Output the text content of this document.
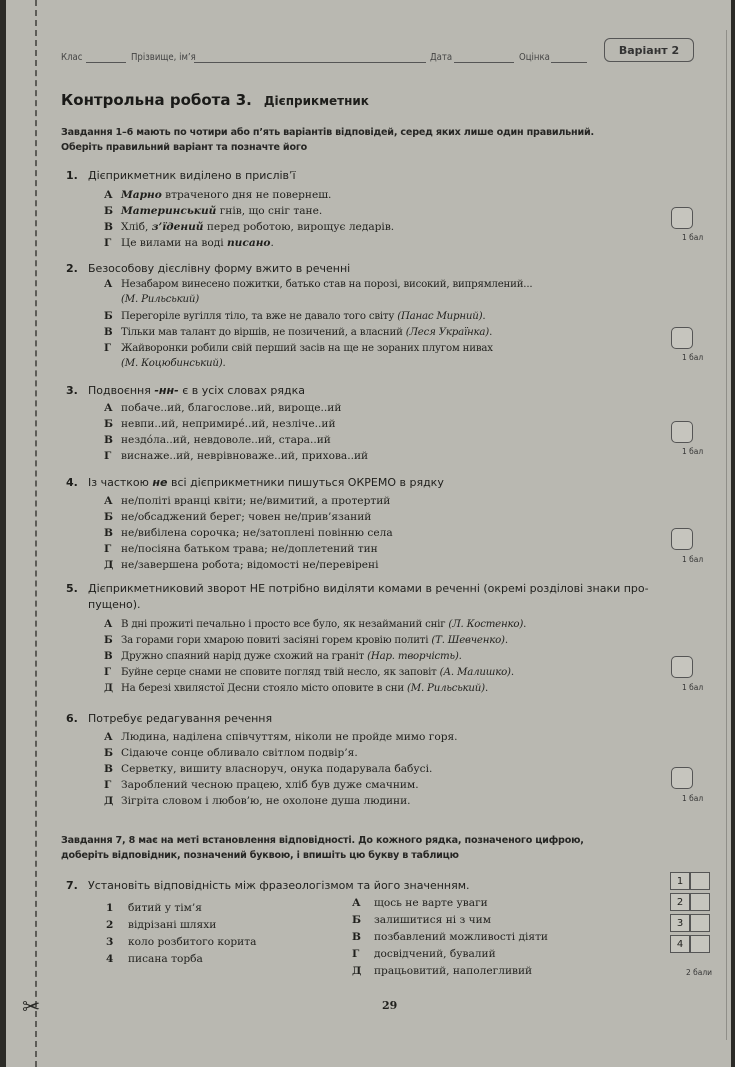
✂
Клас	Прізвище, ім’я	Дата	Оцінка
Варіант 2
Контрольна робота 3. Дієприкметник
Завдання 1–6 мають по чотири або п’ять варіантів відповідей, серед яких лише один правильний.
Оберіть правильний варіант та позначте його
1. Дієприкметник виділено в прислів’ї
А Марно втраченого дня не повернеш.
Б Материнський гнів, що сніг тане.
В Хліб, з’їдений перед роботою, вирощує ледарів.
Г Це вилами на воді писано.	1 бал
2. Безособову дієслівну форму вжито в реченні
А Незабаром винесено пожитки, батько став на порозі, високий, випрямлений...
(М. Рильський)
Б Перегоріле вугілля тіло, та вже не давало того світу (Панас Мирний).
В Тільки мав талант до віршів, не позичений, а власний (Леся Українка).
Г Жайворонки робили свій перший засів на ще не зораних плугом нивах
(М. Коцюбинський).
1 бал
3. Подвоєння -нн- є в усіх словах рядка
А побаче..ий, благослове..ий, вироще..ий
Б невпи..ий, непримирé..ий, незліче..ий
В нездóла..ий, невдоволе..ий, стара..ий
Г виснаже..ий, неврівноваже..ий, прихова..ий	1 бал
4. Із часткою не всі дієприкметники пишуться ОКРЕМО в рядку
А не/політі вранці квіти; не/вимитий, а протертий
Б не/обсаджений берег; човен не/прив’язаний
В не/вибілена сорочка; не/затоплені повінню села
Г не/посіяна батьком трава; не/доплетений тин
Д не/завершена робота; відомості не/перевірені	1 бал
5. Дієприкметниковий зворот НЕ потрібно виділяти комами в реченні (окремі розділові знаки про-
пущено).
А В дні прожиті печально і просто все було, як незайманий сніг (Л. Костенко).
Б За горами гори хмарою повиті засіяні горем кровію политі (Т. Шевченко).
В Дружно спаяний нарід дуже схожий на граніт (Нар. творчість).
Г Буйне серце снами не сповите погляд твій несло, як заповіт (А. Малишко).
Д На березі хвилястої Десни стояло місто оповите в сни (М. Рильський).	1 бал
6. Потребує редагування речення
А Людина, наділена співчуттям, ніколи не пройде мимо горя.
Б Сідаюче сонце обливало світлом подвір’я.
В Серветку, вишиту власноруч, онука подарувала бабусі.
Г Зароблений чесною працею, хліб був дуже смачним.
Д Зігріта словом і любов’ю, не охолоне душа людини.	1 бал
Завдання 7, 8 має на меті встановлення відповідності. До кожного рядка, позначеного цифрою,
доберіть відповідник, позначений буквою, і впишіть цю букву в таблицю
7. Установіть відповідність між фразеологізмом та його значенням.
1 битий у тім’я
2 відрізані шляхи
3 коло розбитого корита
4 писана торба
А щось не варте уваги
Б залишитися ні з чим
В позбавлений можливості діяти
Г досвідчений, бувалий
Д працьовитий, наполегливий
1
2
3
4
2 бали
29
